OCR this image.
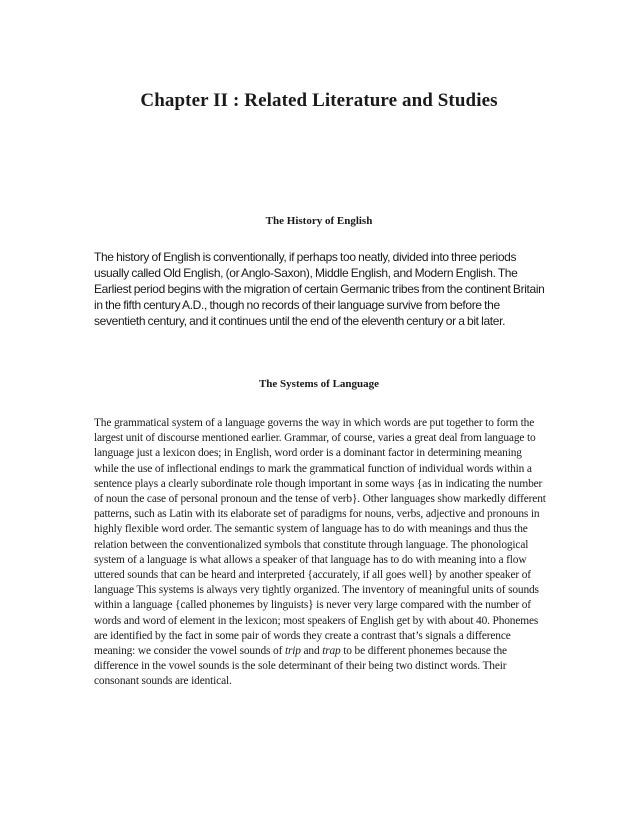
Chapter II : Related Literature and Studies
The History of English

The history of English is conventionally, if perhaps too neatly, divided into three periods usually called Old English, (or Anglo-Saxon), Middle English, and Modern English. The Earliest period begins with the migration of certain Germanic tribes from the continent Britain in the fifth century A.D., though no records of their language survive from before the seventieth century, and it continues until the end of the eleventh century or a bit later.

The Systems of Language

The grammatical system of a language governs the way in which words are put together to form the largest unit of discourse mentioned earlier. Grammar, of course, varies a great deal from language to language just a lexicon does; in English, word order is a dominant factor in determining meaning while the use of inflectional endings to mark the grammatical function of individual words within a sentence plays a clearly subordinate role though important in some ways {as in indicating the number of noun the case of personal pronoun and the tense of verb}. Other languages show markedly different patterns, such as Latin with its elaborate set of paradigms for nouns, verbs, adjective and pronouns in highly flexible word order. The semantic system of language has to do with meanings and thus the relation between the conventionalized symbols that constitute through language. The phonological system of a language is what allows a speaker of that language has to do with meaning into a flow uttered sounds that can be heard and interpreted {accurately, if all goes well} by another speaker of language This systems is always very tightly organized. The inventory of meaningful units of sounds within a language {called phonemes by linguists} is never very large compared with the number of words and word of element in the lexicon; most speakers of English get by with about 40. Phonemes are identified by the fact in some pair of words they create a contrast that’s signals a difference meaning: we consider the vowel sounds of trip and trap to be different phonemes because the difference in the vowel sounds is the sole determinant of their being two distinct words. Their consonant sounds are identical.
